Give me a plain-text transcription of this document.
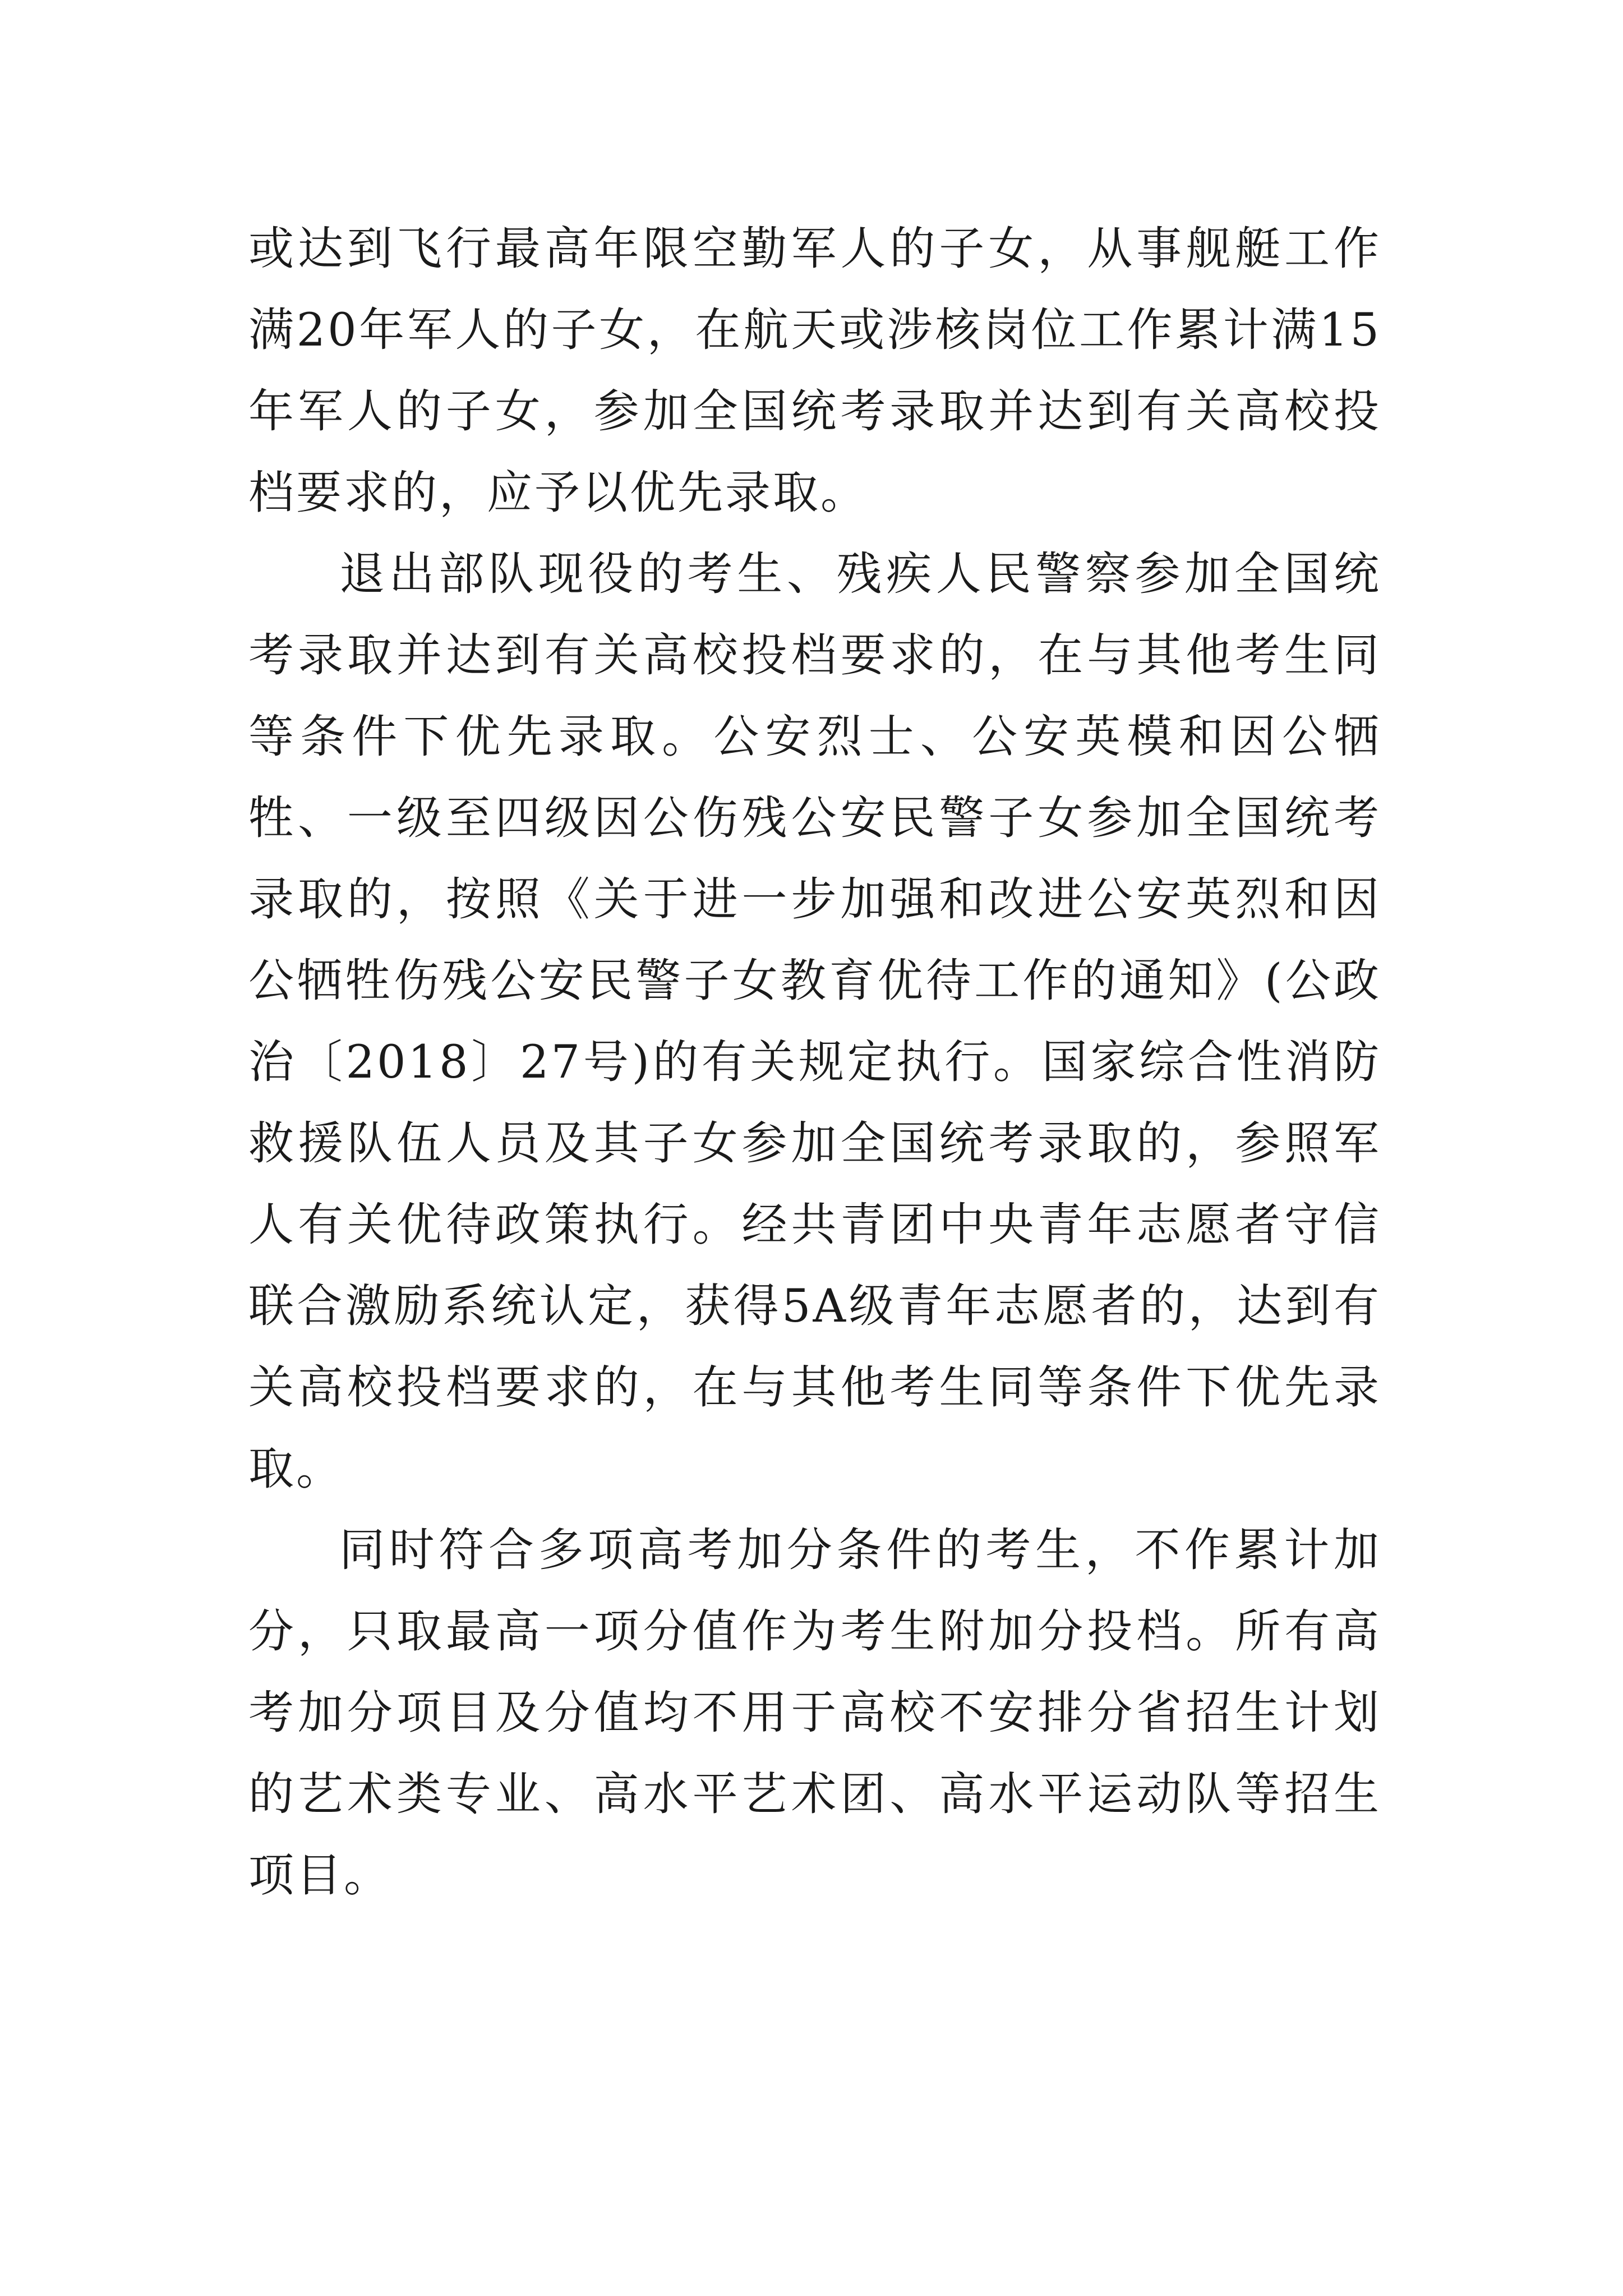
或达到飞行最高年限空勤军人的子女，从事舰艇工作满20年军人的子女，在航天或涉核岗位工作累计满15年军人的子女，参加全国统考录取并达到有关高校投档要求的，应予以优先录取。

退出部队现役的考生、残疾人民警察参加全国统考录取并达到有关高校投档要求的，在与其他考生同等条件下优先录取。公安烈士、公安英模和因公牺牲、一级至四级因公伤残公安民警子女参加全国统考录取的，按照《关于进一步加强和改进公安英烈和因公牺牲伤残公安民警子女教育优待工作的通知》(公政治〔2018〕27号)的有关规定执行。国家综合性消防救援队伍人员及其子女参加全国统考录取的，参照军人有关优待政策执行。经共青团中央青年志愿者守信联合激励系统认定，获得5A级青年志愿者的，达到有关高校投档要求的，在与其他考生同等条件下优先录取。

同时符合多项高考加分条件的考生，不作累计加分，只取最高一项分值作为考生附加分投档。所有高考加分项目及分值均不用于高校不安排分省招生计划的艺术类专业、高水平艺术团、高水平运动队等招生项目。
